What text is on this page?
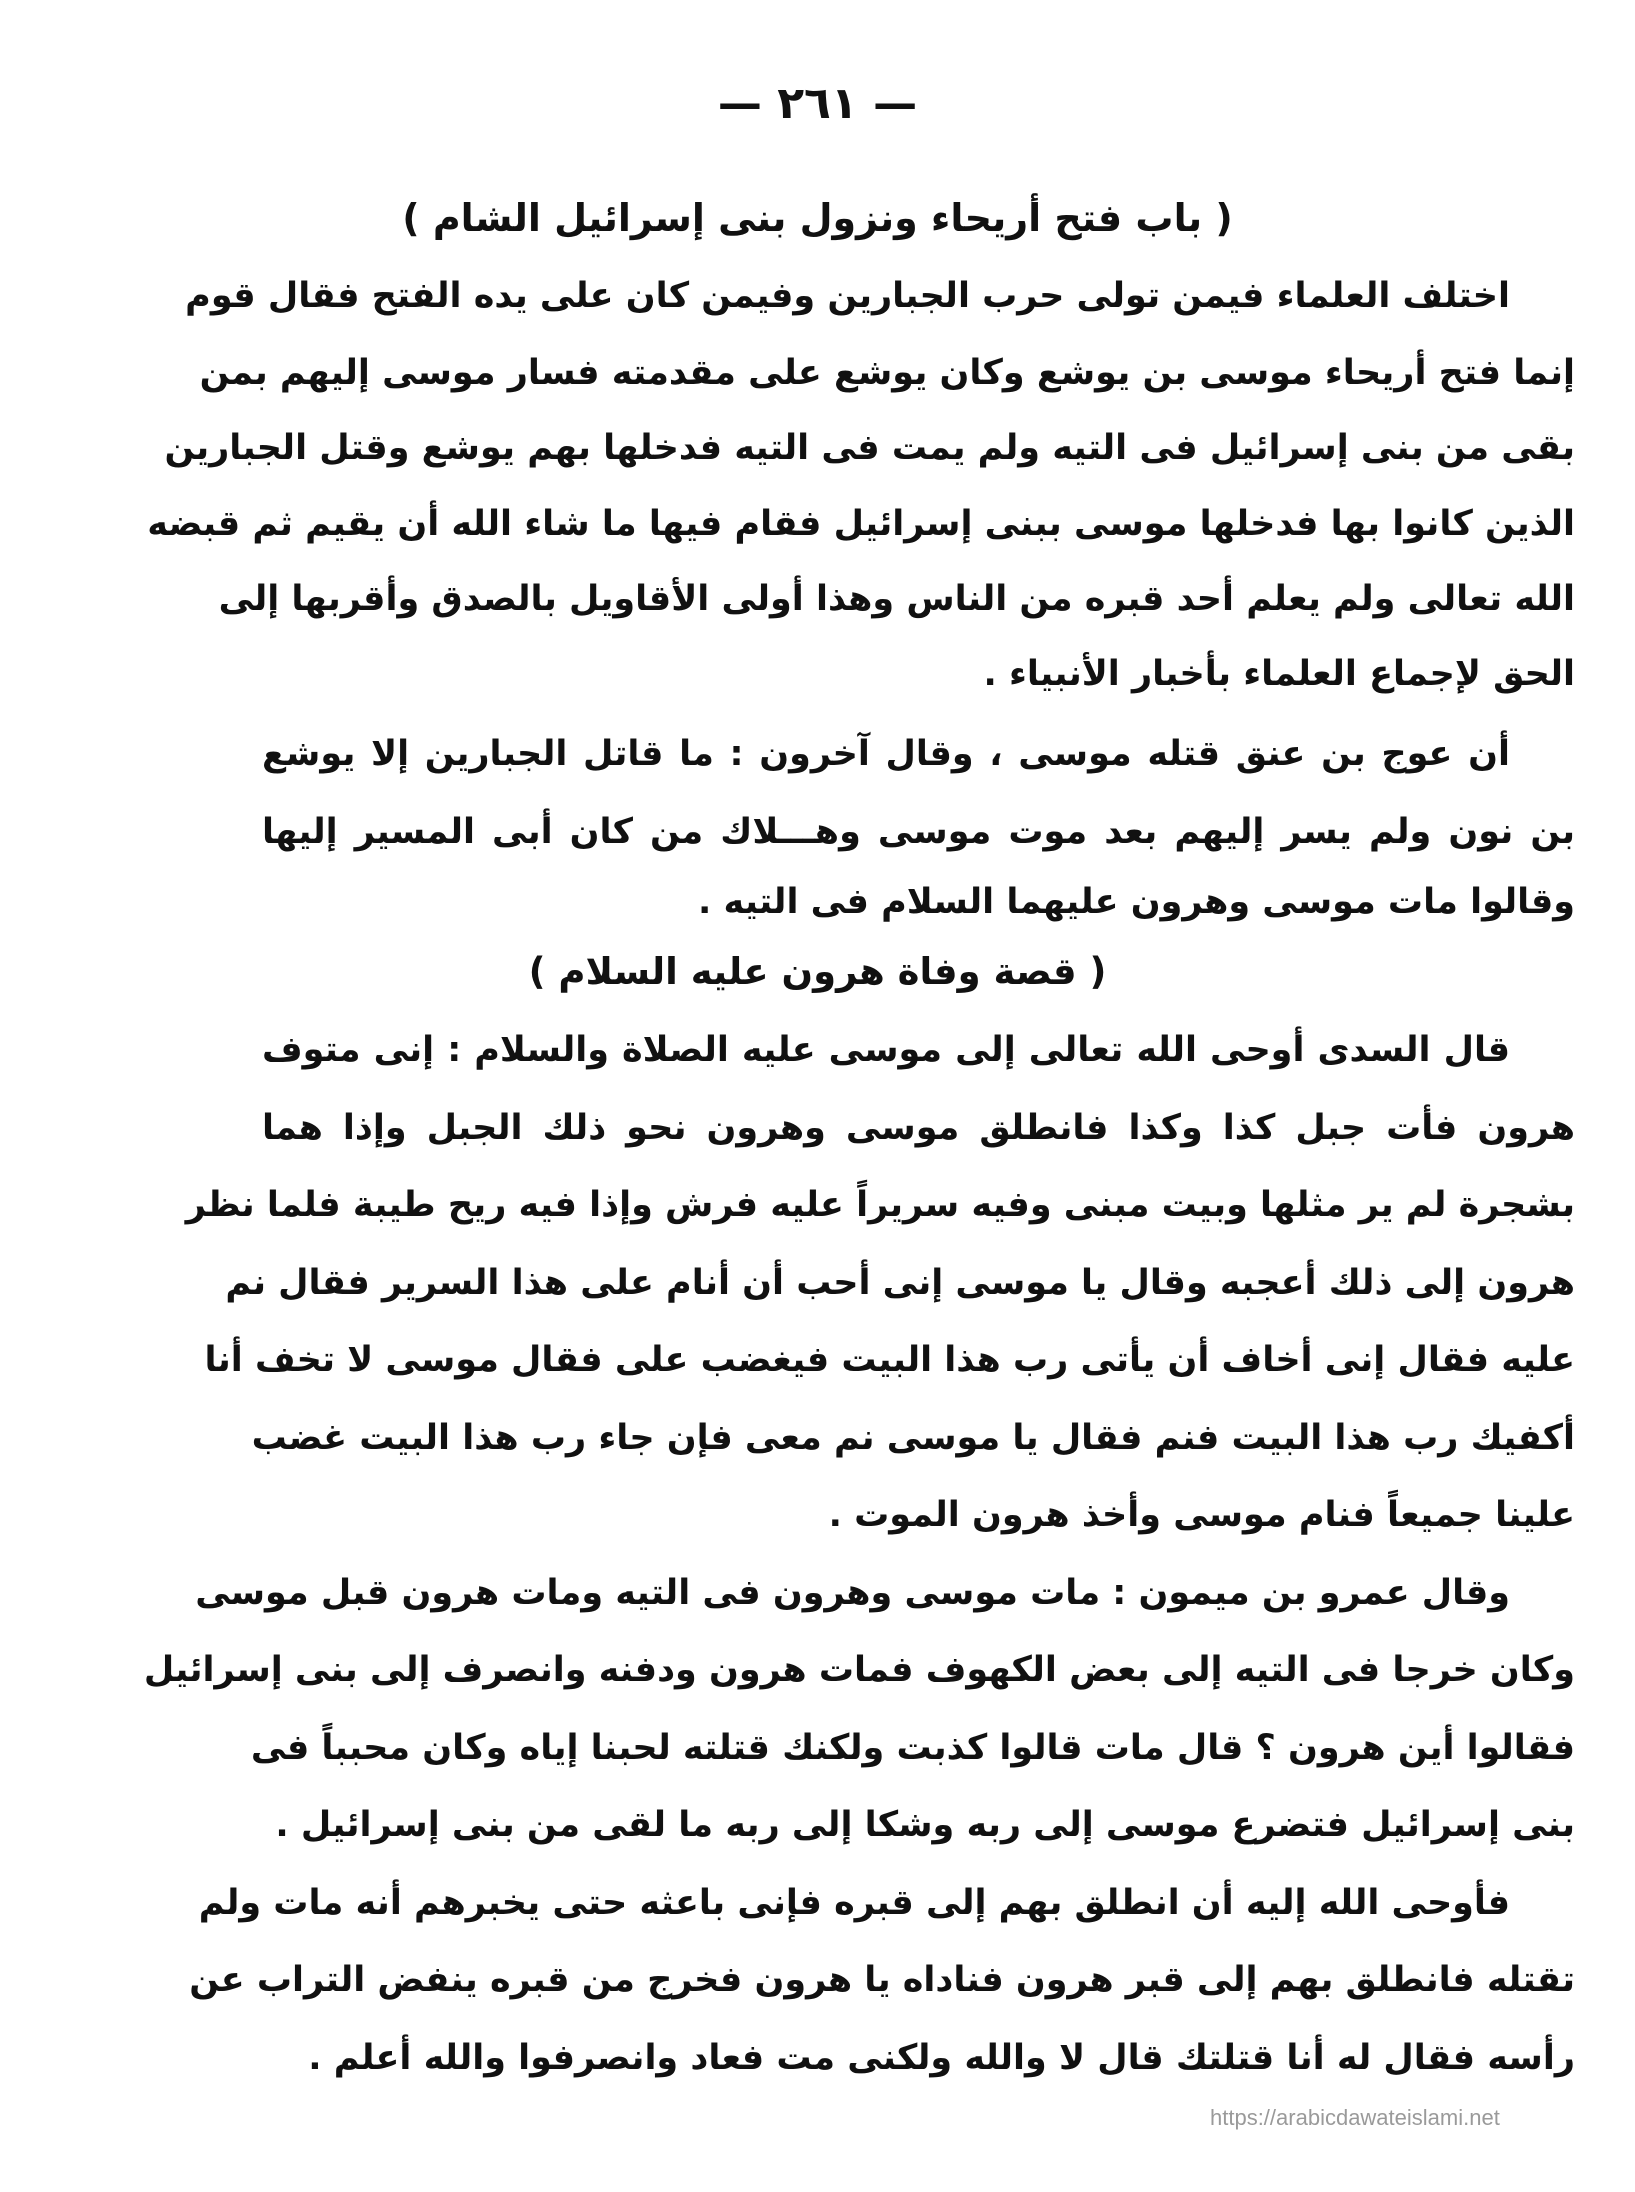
— ٢٦١ —
( باب فتح أريحاء ونزول بنى إسرائيل الشام )
اختلف العلماء فيمن تولى حرب الجبارين وفيمن كان على يده الفتح فقال قوم
إنما فتح أريحاء موسى بن يوشع وكان يوشع على مقدمته فسار موسى إليهم بمن
بقى من بنى إسرائيل فى التيه ولم يمت فى التيه فدخلها بهم يوشع وقتل الجبارين
الذين كانوا بها فدخلها موسى ببنى إسرائيل فقام فيها ما شاء الله أن يقيم ثم قبضه
الله تعالى ولم يعلم أحد قبره من الناس وهذا أولى الأقاويل بالصدق وأقربها إلى
الحق لإجماع العلماء بأخبار الأنبياء .
أن عوج بن عنق قتله موسى ، وقال آخرون : ما قاتل الجبارين إلا يوشع
بن نون ولم يسر إليهم بعد موت موسى وهـــلاك من كان أبى المسير إليها
وقالوا مات موسى وهرون عليهما السلام فى التيه .
( قصة وفاة هرون عليه السلام )
قال السدى أوحى الله تعالى إلى موسى عليه الصلاة والسلام : إنى متوف
هرون فأت جبل كذا وكذا فانطلق موسى وهرون نحو ذلك الجبل وإذا هما
بشجرة لم ير مثلها وبيت مبنى وفيه سريراً عليه فرش وإذا فيه ريح طيبة فلما نظر
هرون إلى ذلك أعجبه وقال يا موسى إنى أحب أن أنام على هذا السرير فقال نم
عليه فقال إنى أخاف أن يأتى رب هذا البيت فيغضب على فقال موسى لا تخف أنا
أكفيك رب هذا البيت فنم فقال يا موسى نم معى فإن جاء رب هذا البيت غضب
علينا جميعاً فنام موسى وأخذ هرون الموت .
وقال عمرو بن ميمون : مات موسى وهرون فى التيه ومات هرون قبل موسى
وكان خرجا فى التيه إلى بعض الكهوف فمات هرون ودفنه وانصرف إلى بنى إسرائيل
فقالوا أين هرون ؟ قال مات قالوا كذبت ولكنك قتلته لحبنا إياه وكان محبباً فى
بنى إسرائيل فتضرع موسى إلى ربه وشكا إلى ربه ما لقى من بنى إسرائيل .
فأوحى الله إليه أن انطلق بهم إلى قبره فإنى باعثه حتى يخبرهم أنه مات ولم
تقتله فانطلق بهم إلى قبر هرون فناداه يا هرون فخرج من قبره ينفض التراب عن
رأسه فقال له أنا قتلتك قال لا والله ولكنى مت فعاد وانصرفوا والله أعلم .
https://arabicdawateislami.net
